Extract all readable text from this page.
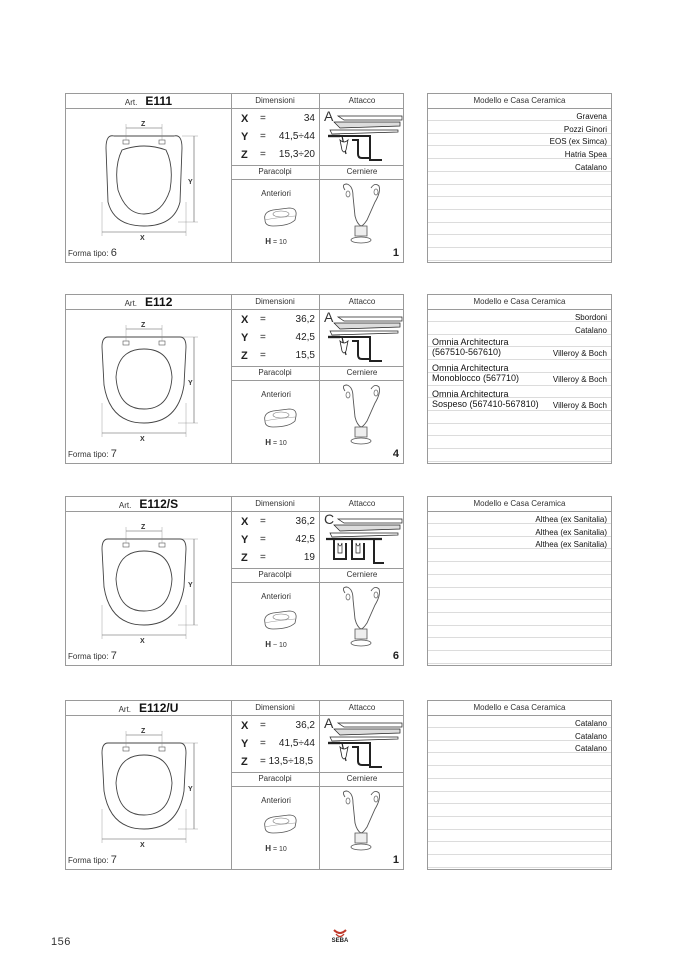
Art. E111	Dimensioni	Attacco
Z
Y
X
X =	34
Y = 41,5÷44
Z = 15,3÷20
A
Paracolpi	Cerniere
Anteriori
H = 10
Forma tipo: 6	1
Modello e Casa Ceramica
Gravena
Pozzi Ginori
EOS (ex Simca)
Hatria Spea
Catalano
Art. E112	Dimensioni	Attacco
Z
Y
X
X =	36,2
Y =	42,5
Z =	15,5
A
Paracolpi	Cerniere
Anteriori
H = 10
Forma tipo: 7	4
Modello e Casa Ceramica
Sbordoni
Catalano
Omnia Architectura
(567510-567610)	Villeroy & Boch
Omnia Architectura
Monoblocco (567710)	Villeroy & Boch
Omnia Architectura
Sospeso (567410-567810) Villeroy & Boch
Art. E112/S	Dimensioni	Attacco
Z
Y
X
X =	36,2
Y =	42,5
Z =	19
C
Paracolpi	Cerniere
Anteriori
H ~ 10
Forma tipo: 7	6
Modello e Casa Ceramica
Althea (ex Sanitalia)
Althea (ex Sanitalia)
Althea (ex Sanitalia)
Art. E112/U	Dimensioni	Attacco
Z
Y
X
X =	36,2
Y = 41,5÷44
Z = 13,5÷18,5
A
Paracolpi	Cerniere
Anteriori
H = 10
Forma tipo: 7	1
Modello e Casa Ceramica
Catalano
Catalano
Catalano
156	SEBA
